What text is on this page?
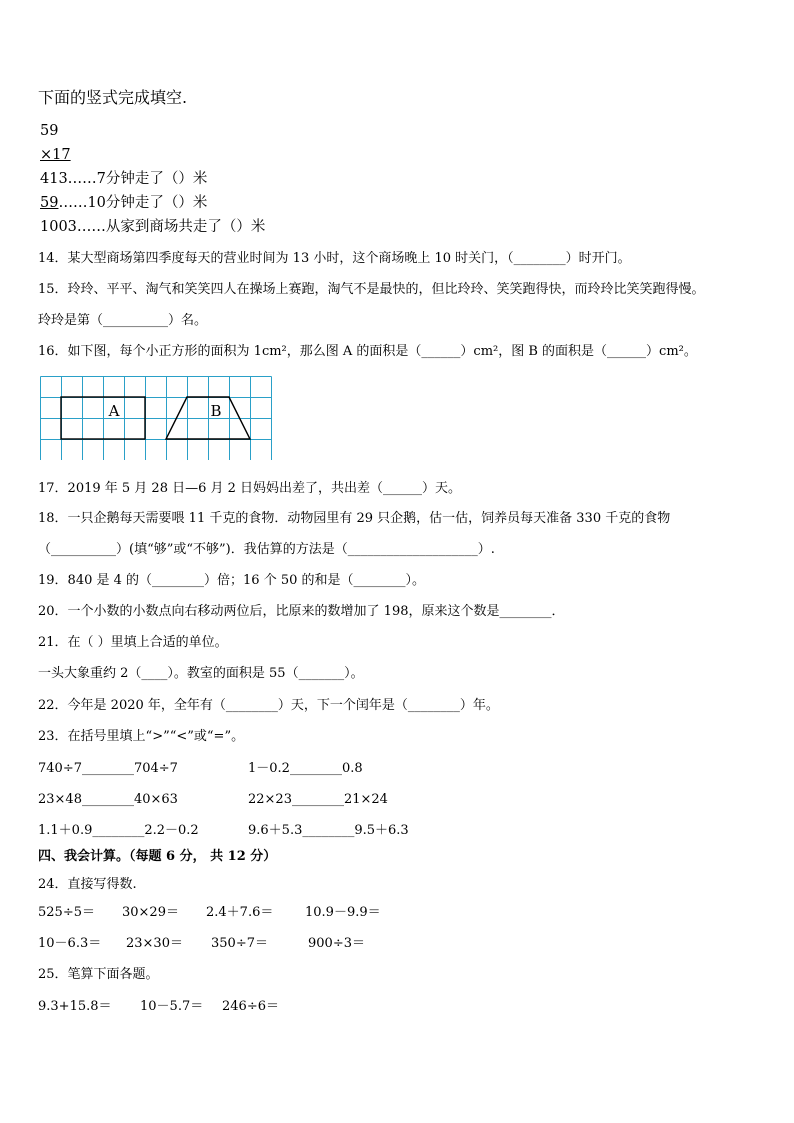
下面的竖式完成填空.
59
×17
413……7分钟走了（）米
59……10分钟走了（）米
1003……从家到商场共走了（）米
14．某大型商场第四季度每天的营业时间为 13 小时，这个商场晚上 10 时关门，（________）时开门。
15．玲玲、平平、淘气和笑笑四人在操场上赛跑，淘气不是最快的，但比玲玲、笑笑跑得快，而玲玲比笑笑跑得慢。
玲玲是第（__________）名。
16．如下图，每个小正方形的面积为 1cm²，那么图 A 的面积是（______）cm²，图 B 的面积是（______）cm²。
A	B
17．2019 年 5 月 28 日—6 月 2 日妈妈出差了，共出差（______）天。
18．一只企鹅每天需要喂 11 千克的食物．动物园里有 29 只企鹅，估一估，饲养员每天准备 330 千克的食物
（__________）(填“够”或“不够”)．我估算的方法是（____________________）.
19．840 是 4 的（________）倍；16 个 50 的和是（________）。
20．一个小数的小数点向右移动两位后，比原来的数增加了 198，原来这个数是________．
21．在（ ）里填上合适的单位。
一头大象重约 2（____）。教室的面积是 55（_______）。
22．今年是 2020 年，全年有（________）天，下一个闰年是（________）年。
23．在括号里填上“>”“<”或“=”。
740÷7________704÷7	1－0.2________0.8
23×48________40×63	22×23________21×24
1.1＋0.9________2.2－0.2	9.6＋5.3________9.5＋6.3
四、我会计算。（每题 6 分， 共 12 分）
24．直接写得数.
525÷5＝ 30×29＝ 2.4＋7.6＝ 10.9－9.9＝
10－6.3＝ 23×30＝ 350÷7＝	900÷3＝
25．笔算下面各题。
9.3+15.8＝ 10－5.7＝ 246÷6＝
